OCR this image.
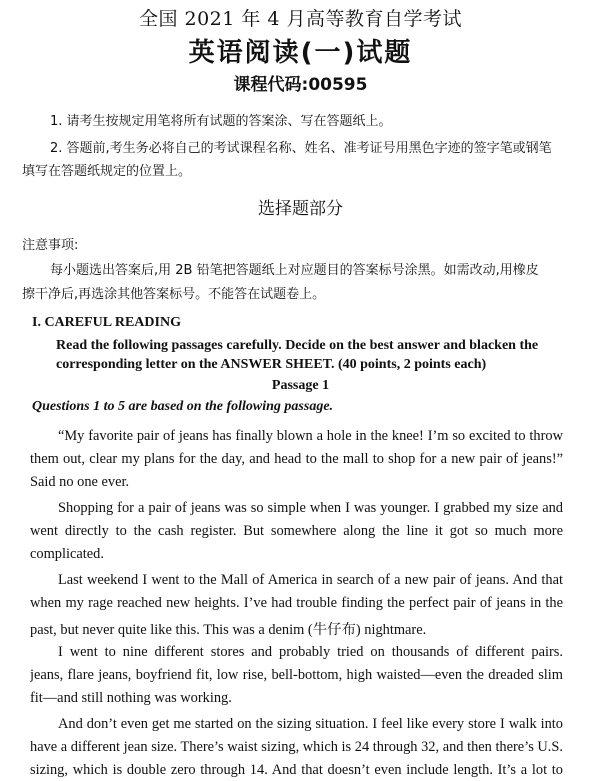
全国 2021 年 4 月高等教育自学考试
英语阅读(一)试题
课程代码:00595
1. 请考生按规定用笔将所有试题的答案涂、写在答题纸上。
2. 答题前,考生务必将自己的考试课程名称、姓名、准考证号用黑色字迹的签字笔或钢笔
填写在答题纸规定的位置上。
选择题部分
注意事项:
每小题选出答案后,用 2B 铅笔把答题纸上对应题目的答案标号涂黑。如需改动,用橡皮
擦干净后,再选涂其他答案标号。不能答在试题卷上。
I. CAREFUL READING
Read the following passages carefully. Decide on the best answer and blacken the
corresponding letter on the ANSWER SHEET. (40 points, 2 points each)
Passage 1
Questions 1 to 5 are based on the following passage.
“My favorite pair of jeans has finally blown a hole in the knee! I’m so excited to throw
them out, clear my plans for the day, and head to the mall to shop for a new pair of jeans!”
Said no one ever.
Shopping for a pair of jeans was so simple when I was younger. I grabbed my size and
went directly to the cash register. But somewhere along the line it got so much more
complicated.
Last weekend I went to the Mall of America in search of a new pair of jeans. And that
when my rage reached new heights. I’ve had trouble finding the perfect pair of jeans in the
past, but never quite like this. This was a denim (牛仔布) nightmare.
I went to nine different stores and probably tried on thousands of different pairs.
jeans, flare jeans, boyfriend fit, low rise, bell-bottom, high waisted—even the dreaded slim
fit—and still nothing was working.
And don’t even get me started on the sizing situation. I feel like every store I walk into
have a different jean size. There’s waist sizing, which is 24 through 32, and then there’s U.S.
sizing, which is double zero through 14. And that doesn’t even include length. It’s a lot to
